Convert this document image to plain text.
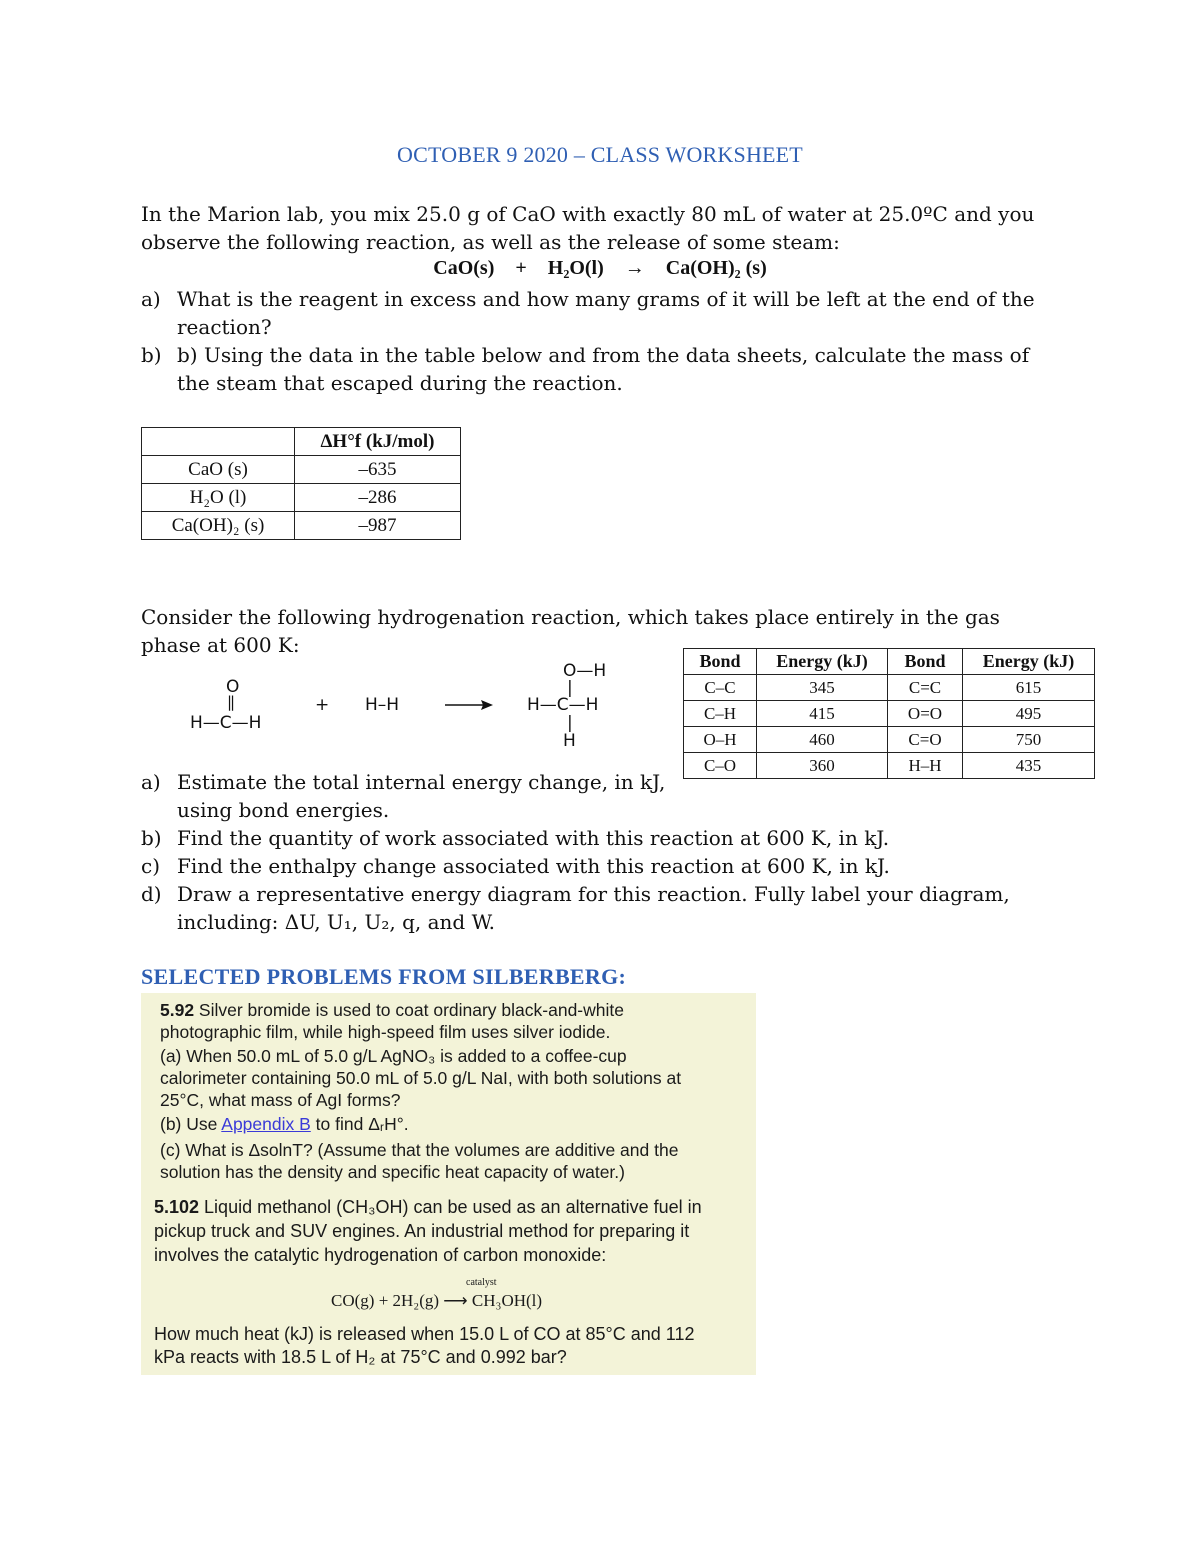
OCTOBER 9 2020 – CLASS WORKSHEET
In the Marion lab, you mix 25.0 g of CaO with exactly 80 mL of water at 25.0ºC and you
observe the following reaction, as well as the release of some steam:
CaO(s) + H₂O(l) → Ca(OH)₂ (s)
a) What is the reagent in excess and how many grams of it will be left at the end of the
reaction?
b) b) Using the data in the table below and from the data sheets, calculate the mass of
the steam that escaped during the reaction.
	ΔH°f (kJ/mol)
CaO (s)	–635
H₂O (l)	–286
Ca(OH)₂ (s)	–987
Consider the following hydrogenation reaction, which takes place entirely in the gas
phase at 600 K:
O
||
H—C—H
+ H–H
O—H
|
H—C—H
|
H
Bond	Energy (kJ)	Bond	Energy (kJ)
C–C	345	C=C	615
C–H	415	O=O	495
O–H	460	C=O	750
C–O	360	H–H	435
a) Estimate the total internal energy change, in kJ,
using bond energies.
b) Find the quantity of work associated with this reaction at 600 K, in kJ.
c) Find the enthalpy change associated with this reaction at 600 K, in kJ.
d) Draw a representative energy diagram for this reaction. Fully label your diagram,
including: ΔU, U₁, U₂, q, and W.
SELECTED PROBLEMS FROM SILBERBERG:
5.92 Silver bromide is used to coat ordinary black-and-white
photographic film, while high-speed film uses silver iodide.
(a) When 50.0 mL of 5.0 g/L AgNO₃ is added to a coffee-cup
calorimeter containing 50.0 mL of 5.0 g/L NaI, with both solutions at
25°C, what mass of AgI forms?
(b) Use Appendix B to find ΔᵣH°.
(c) What is ΔsolnT? (Assume that the volumes are additive and the
solution has the density and specific heat capacity of water.)
5.102 Liquid methanol (CH₃OH) can be used as an alternative fuel in
pickup truck and SUV engines. An industrial method for preparing it
involves the catalytic hydrogenation of carbon monoxide:
catalyst
CO(g) + 2H₂(g) ⟶ CH₃OH(l)
How much heat (kJ) is released when 15.0 L of CO at 85°C and 112
kPa reacts with 18.5 L of H₂ at 75°C and 0.992 bar?
